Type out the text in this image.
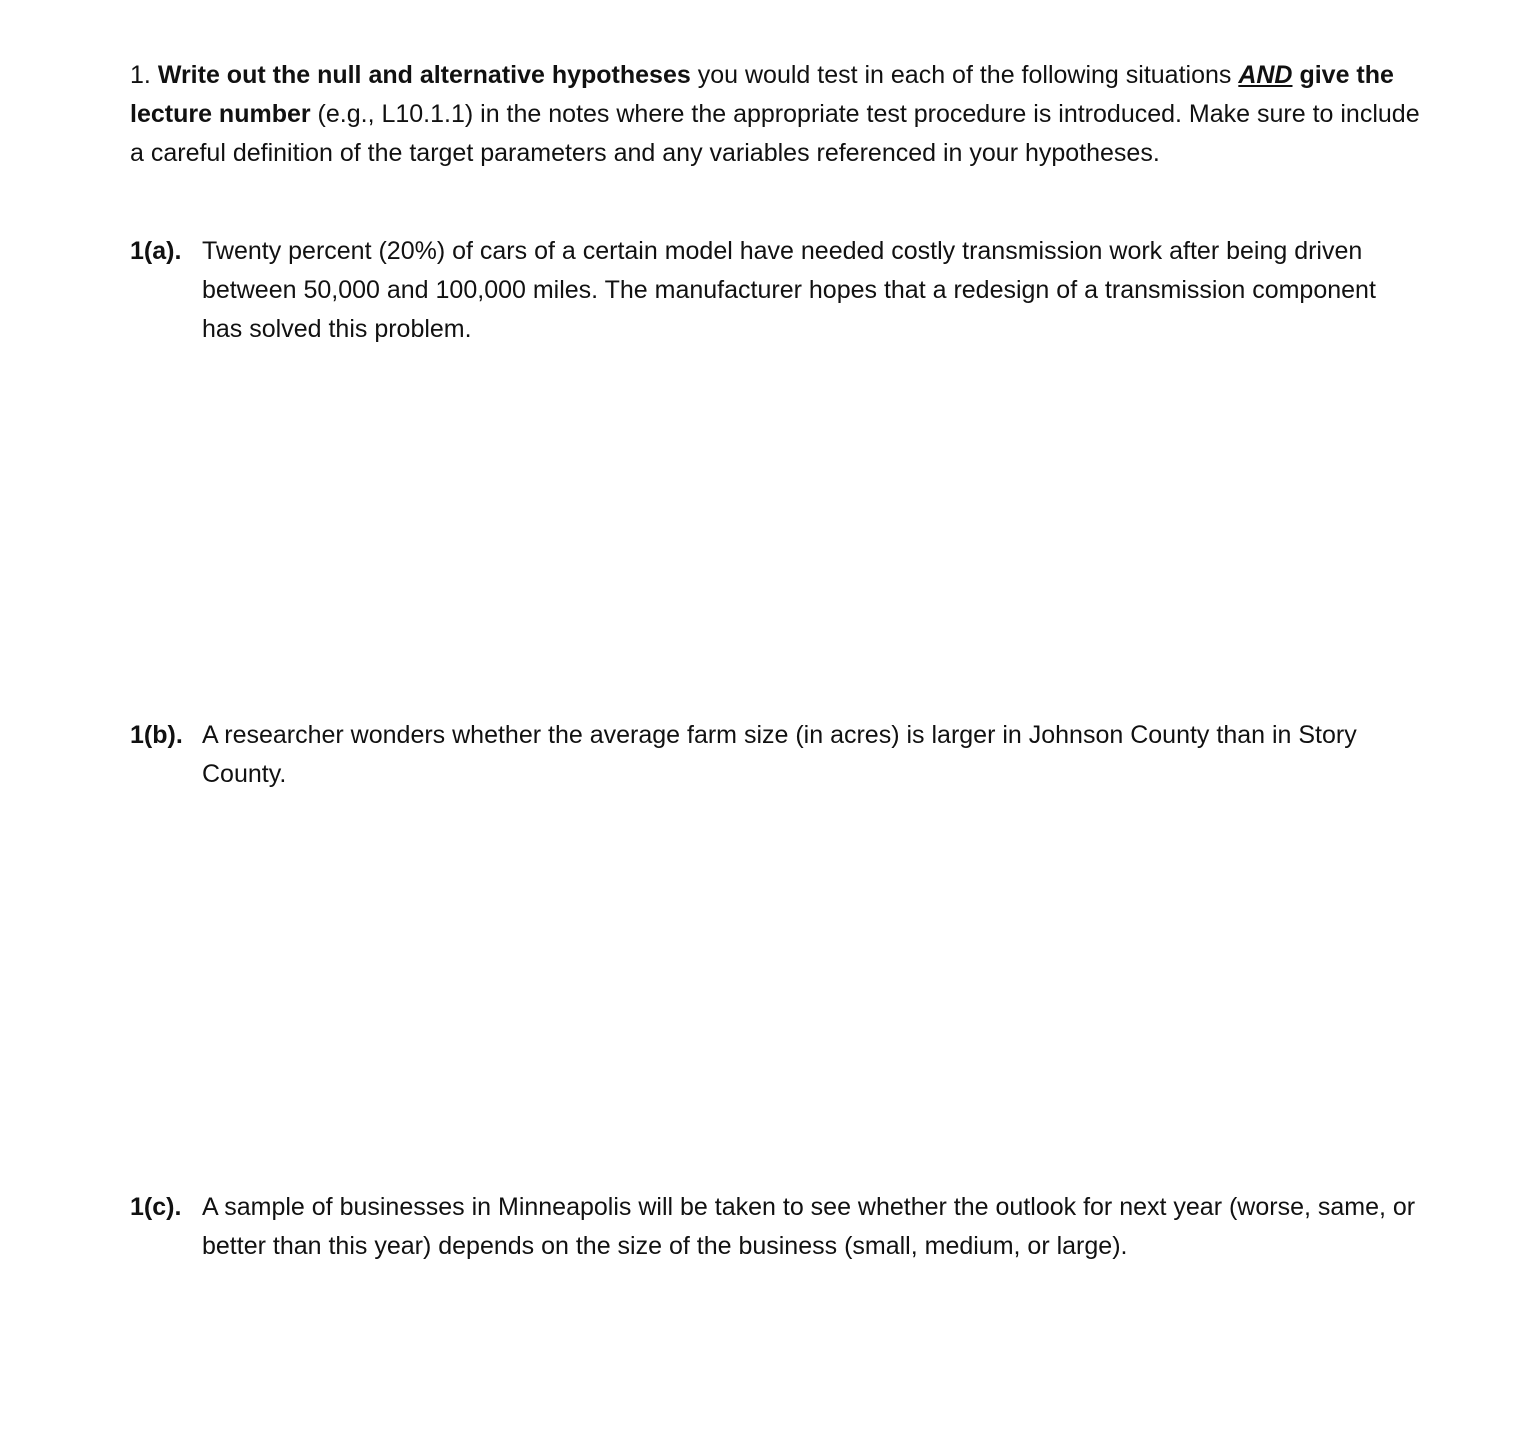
1. Write out the null and alternative hypotheses you would test in each of the following situations AND give the lecture number (e.g., L10.1.1) in the notes where the appropriate test procedure is introduced. Make sure to include a careful definition of the target parameters and any variables referenced in your hypotheses.

1(a). Twenty percent (20%) of cars of a certain model have needed costly transmission work after being driven between 50,000 and 100,000 miles. The manufacturer hopes that a redesign of a transmission component has solved this problem.

1(b). A researcher wonders whether the average farm size (in acres) is larger in Johnson County than in Story County.

1(c). A sample of businesses in Minneapolis will be taken to see whether the outlook for next year (worse, same, or better than this year) depends on the size of the business (small, medium, or large).
